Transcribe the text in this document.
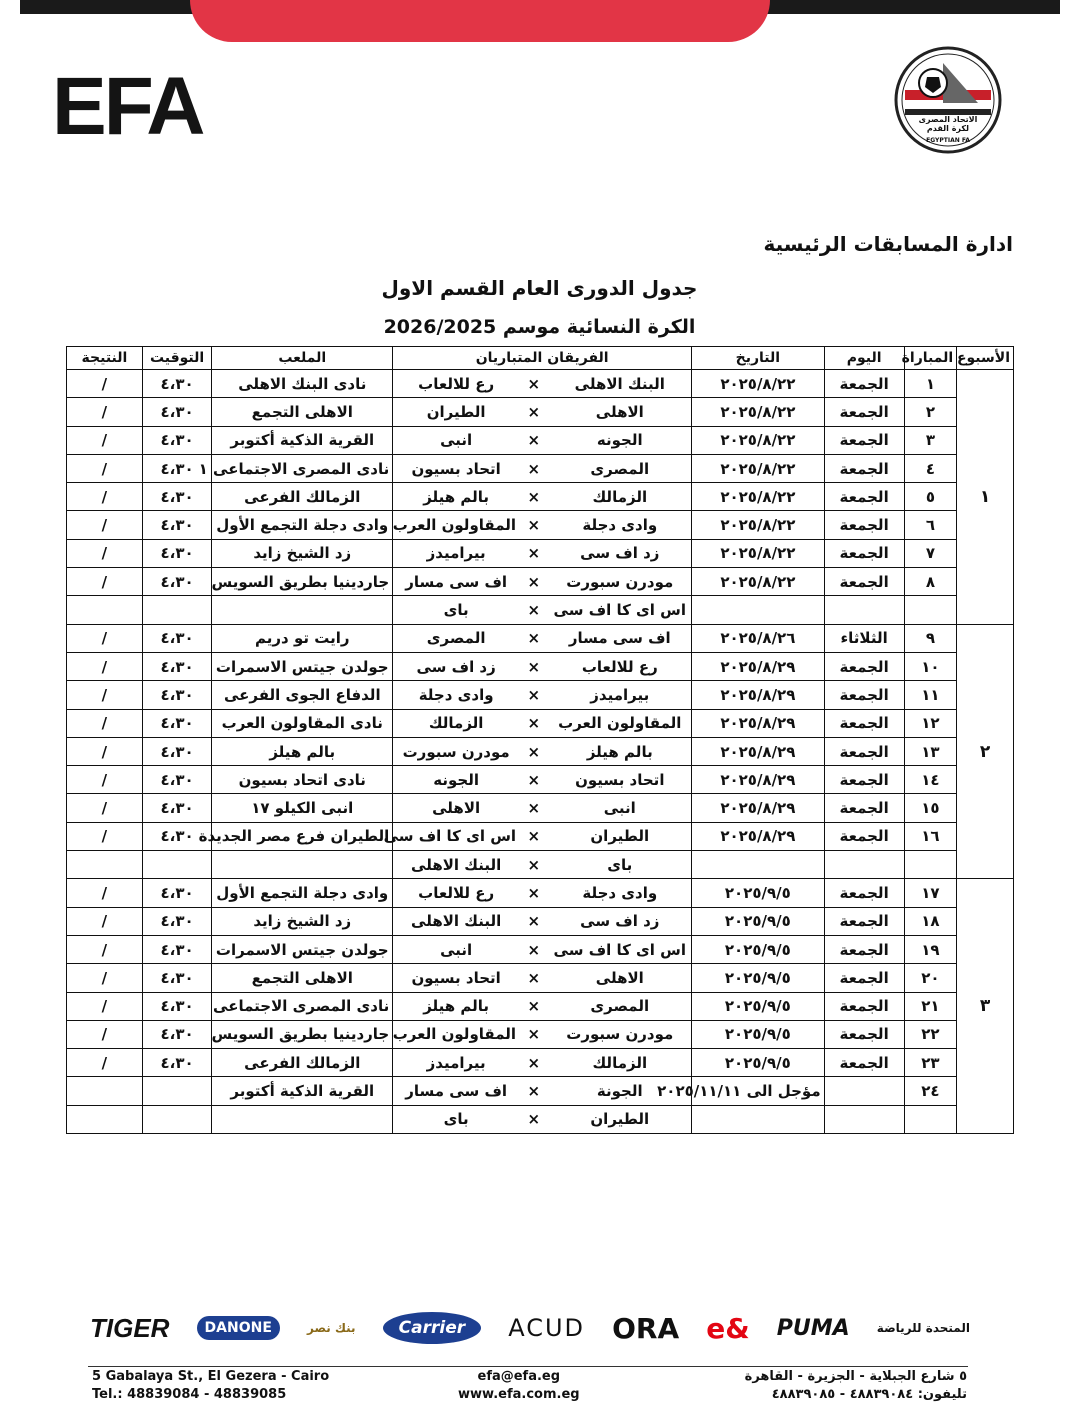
EFA	الاتحاد المصرى لكرة القدم
EGYPTIAN FA
ادارة المسابقات الرئيسية
جدول الدورى العام القسم الاول
الكرة النسائية موسم 2026/2025
الأسبوع	المباراة	اليوم	التاريخ	الفريقان المتباريان			الملعب	التوقيت	النتيجة
١	١	الجمعة	٢٠٢٥/٨/٢٢	البنك الاهلى	×	رع للالعاب	نادى البنك الاهلى	٤،٣٠	/
	٢	الجمعة	٢٠٢٥/٨/٢٢	الاهلى	×	الطيران	الاهلى التجمع	٤،٣٠	/
	٣	الجمعة	٢٠٢٥/٨/٢٢	الجونه	×	انبى	القرية الذكية أكتوبر	٤،٣٠	/
	٤	الجمعة	٢٠٢٥/٨/٢٢	المصرى	×	اتحاد بسيون	نادى المصرى الاجتماعى ١	٤،٣٠	/
	٥	الجمعة	٢٠٢٥/٨/٢٢	الزمالك	×	بالم هيلز	الزمالك الفرعى	٤،٣٠	/
	٦	الجمعة	٢٠٢٥/٨/٢٢	وادى دجلة	×	المقاولون العرب	وادى دجلة التجمع الأول	٤،٣٠	/
	٧	الجمعة	٢٠٢٥/٨/٢٢	زد اف سى	×	بيراميدز	زد الشيخ زايد	٤،٣٠	/
	٨	الجمعة	٢٠٢٥/٨/٢٢	مودرن سبورت	×	اف سى مسار	جاردينيا بطريق السويس	٤،٣٠	/
				اس اى كا اف سى	×	باى			
٢	٩	الثلاثاء	٢٠٢٥/٨/٢٦	اف سى مسار	×	المصرى	رايت تو دريم	٤،٣٠	/
	١٠	الجمعة	٢٠٢٥/٨/٢٩	رع للالعاب	×	زد اف سى	جولدن جيتس الاسمرات	٤،٣٠	/
	١١	الجمعة	٢٠٢٥/٨/٢٩	بيراميدز	×	وادى دجلة	الدفاع الجوى الفرعى	٤،٣٠	/
	١٢	الجمعة	٢٠٢٥/٨/٢٩	المقاولون العرب	×	الزمالك	نادى المقاولون العرب	٤،٣٠	/
	١٣	الجمعة	٢٠٢٥/٨/٢٩	بالم هيلز	×	مودرن سبورت	بالم هيلز	٤،٣٠	/
	١٤	الجمعة	٢٠٢٥/٨/٢٩	اتحاد بسيون	×	الجونه	نادى اتحاد بسيون	٤،٣٠	/
	١٥	الجمعة	٢٠٢٥/٨/٢٩	انبى	×	الاهلى	انبى الكيلو ١٧	٤،٣٠	/
	١٦	الجمعة	٢٠٢٥/٨/٢٩	الطيران	×	اس اى كا اف سى	الطيران فرع مصر الجديدة	٤،٣٠	/
				باى	×	البنك الاهلى			
٣	١٧	الجمعة	٢٠٢٥/٩/٥	وادى دجلة	×	رع للالعاب	وادى دجلة التجمع الأول	٤،٣٠	/
	١٨	الجمعة	٢٠٢٥/٩/٥	زد اف سى	×	البنك الاهلى	زد الشيخ زايد	٤،٣٠	/
	١٩	الجمعة	٢٠٢٥/٩/٥	اس اى كا اف سى	×	انبى	جولدن جيتس الاسمرات	٤،٣٠	/
	٢٠	الجمعة	٢٠٢٥/٩/٥	الاهلى	×	اتحاد بسيون	الاهلى التجمع	٤،٣٠	/
	٢١	الجمعة	٢٠٢٥/٩/٥	المصرى	×	بالم هيلز	نادى المصرى الاجتماعى	٤،٣٠	/
	٢٢	الجمعة	٢٠٢٥/٩/٥	مودرن سبورت	×	المقاولون العرب	جاردينيا بطريق السويس	٤،٣٠	/
	٢٣	الجمعة	٢٠٢٥/٩/٥	الزمالك	×	بيراميدز	الزمالك الفرعى	٤،٣٠	/
	٢٤		مؤجل الى ٢٠٢٥/١١/١١	الجونة	×	اف سى مسار	القرية الذكية أكتوبر		
				الطيران	×	باى			
TIGER	DANONE	بنك نصر	Carrier	ACUD ORA e& PUMA المتحدة للرياضة
5 Gabalaya St., El Gezera - Cairo
Tel.: 48839084 - 48839085
efa@efa.eg
www.efa.com.eg
٥ شارع الجبلاية - الجزيرة - القاهرة
تليفون: ٤٨٨٣٩٠٨٤ - ٤٨٨٣٩٠٨٥
